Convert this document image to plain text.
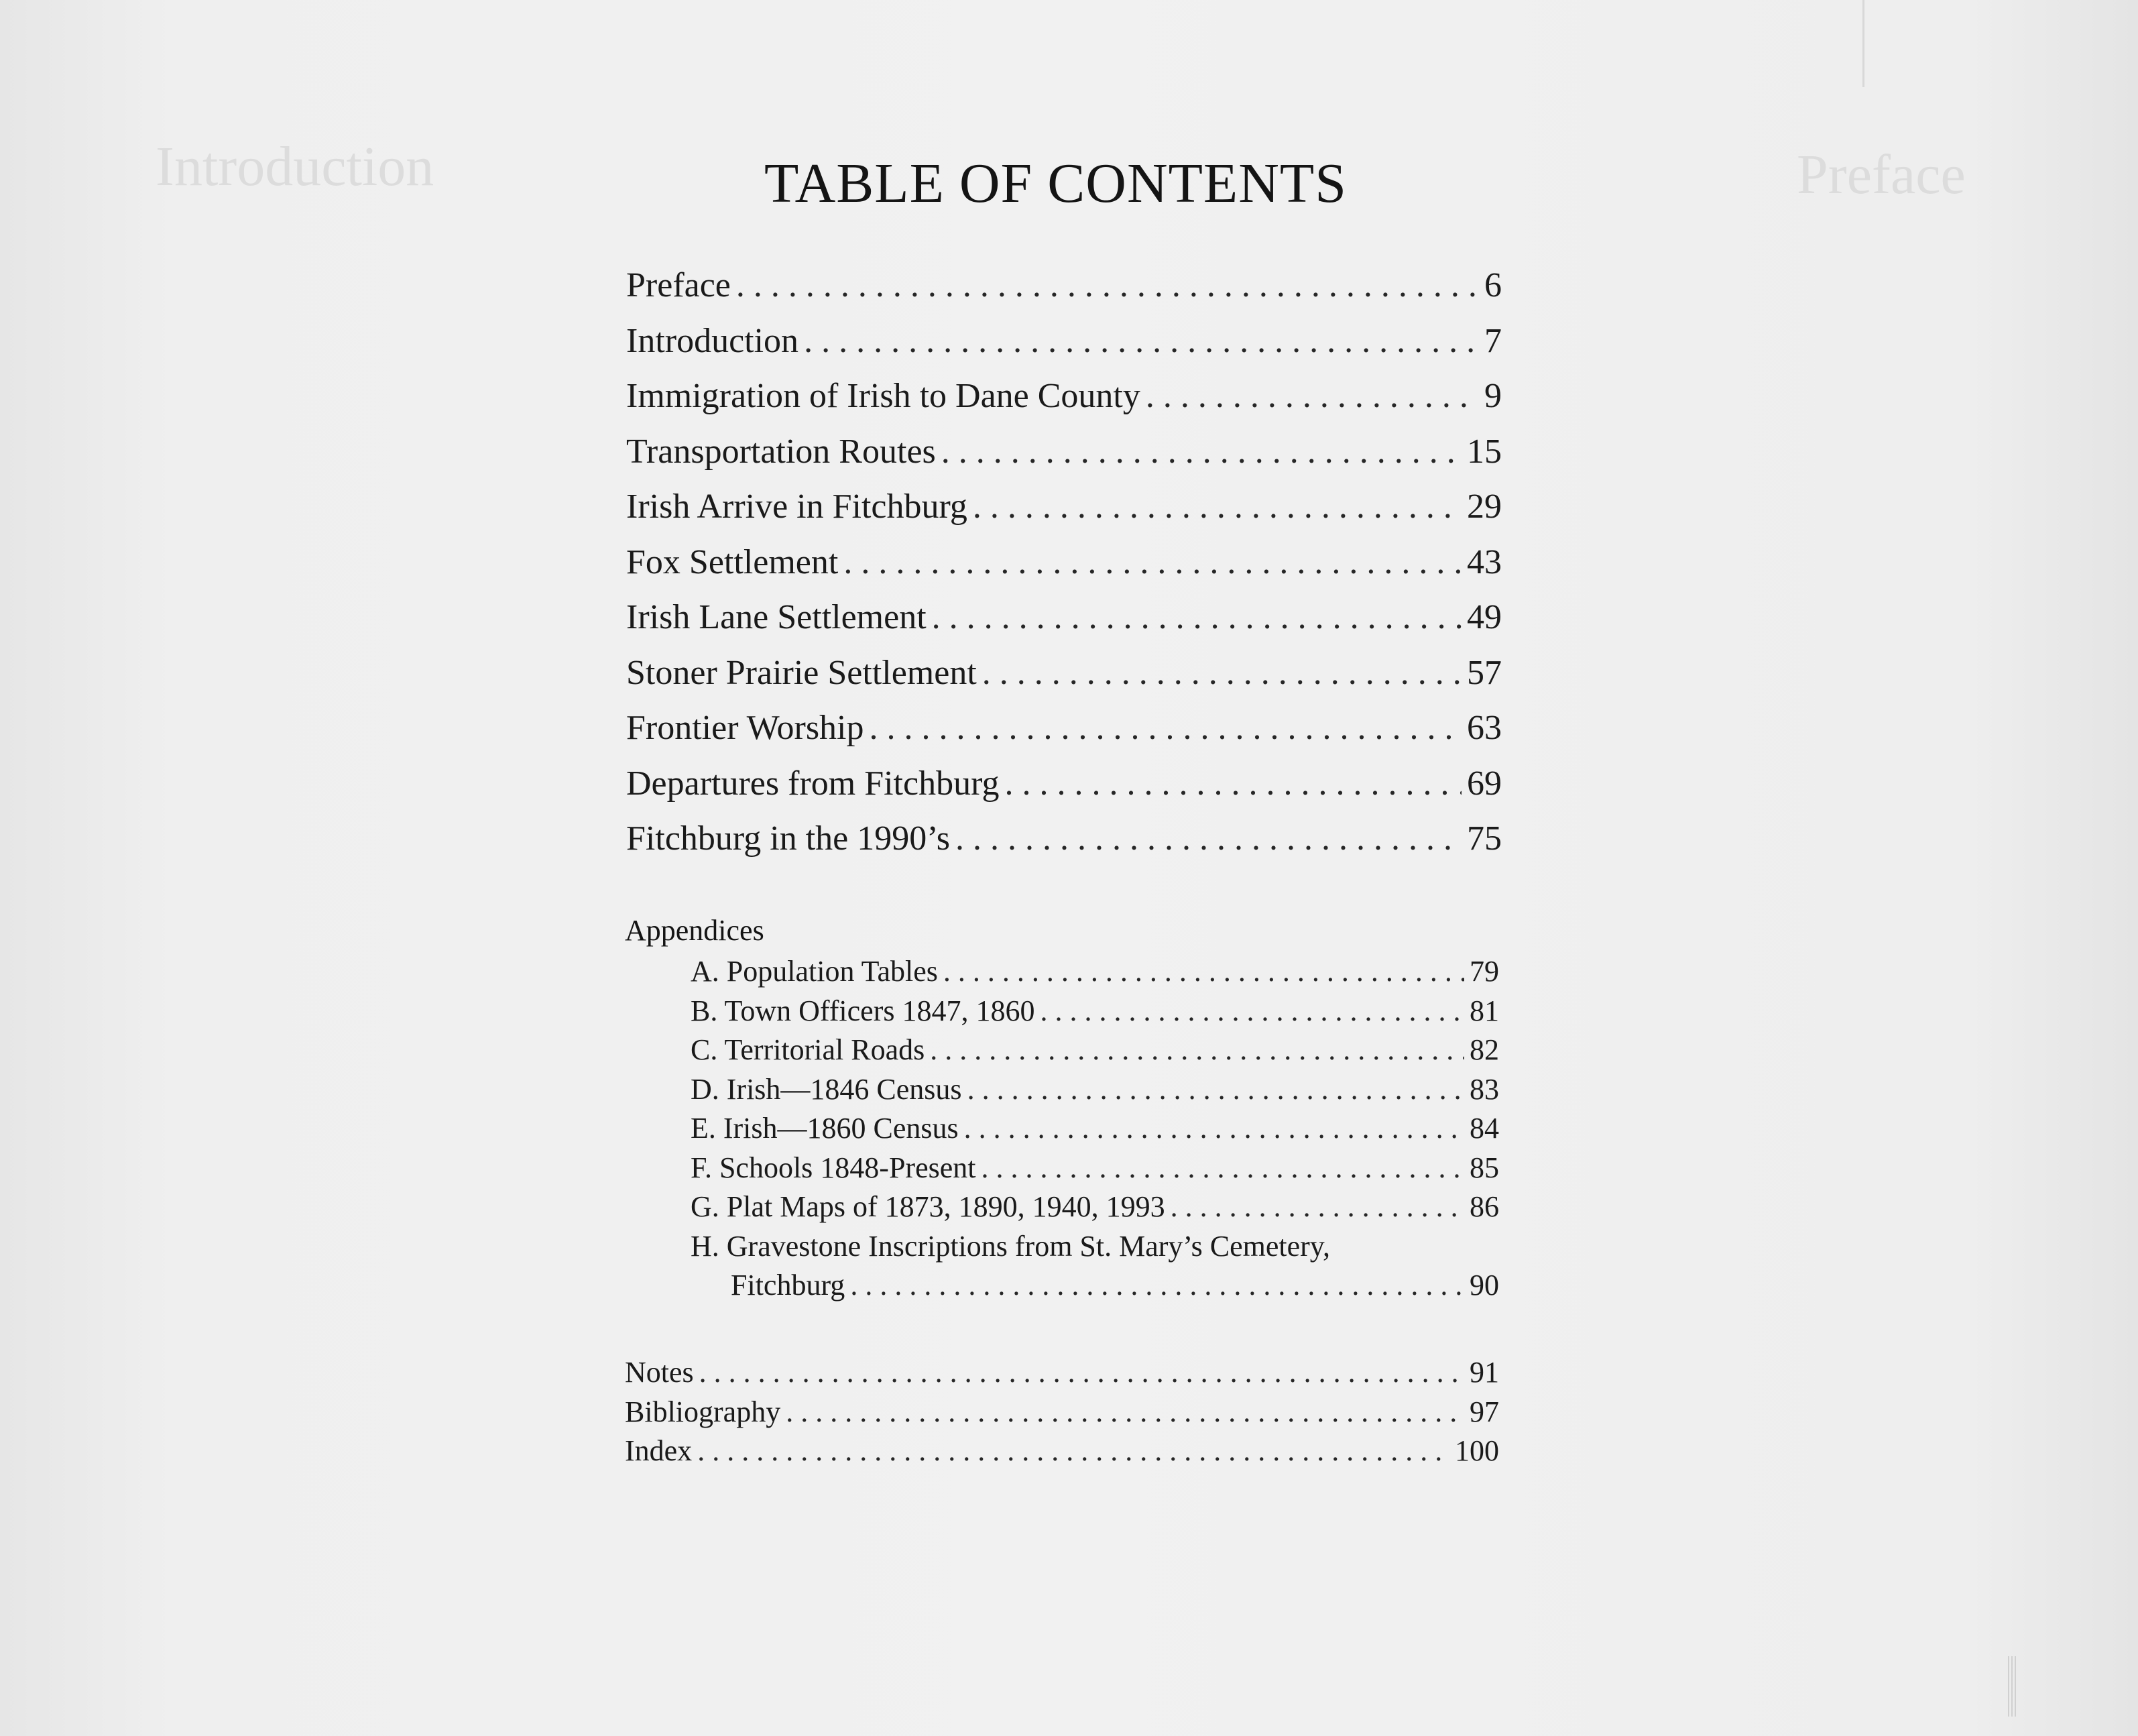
Introduction	Preface
TABLE OF CONTENTS
Preface . . .	6
Introduction . . .	7
Immigration of Irish to Dane County . . .	9
Transportation Routes . . .	15
Irish Arrive in Fitchburg . . .	29
Fox Settlement . . .	43
Irish Lane Settlement . . .	49
Stoner Prairie Settlement . . .	57
Frontier Worship . . .	63
Departures from Fitchburg . . .	69
Fitchburg in the 1990’s . . .	75
Appendices
A. Population Tables . . .	79
B. Town Officers 1847, 1860 . . .	81
C. Territorial Roads . . .	82
D. Irish—1846 Census . . .	83
E. Irish—1860 Census . . .	84
F. Schools 1848-Present . . .	85
G. Plat Maps of 1873, 1890, 1940, 1993 . . .	86
H. Gravestone Inscriptions from St. Mary’s Cemetery,
Fitchburg . . .	90
Notes . . .	91
Bibliography . . .	97
Index . . .	100
